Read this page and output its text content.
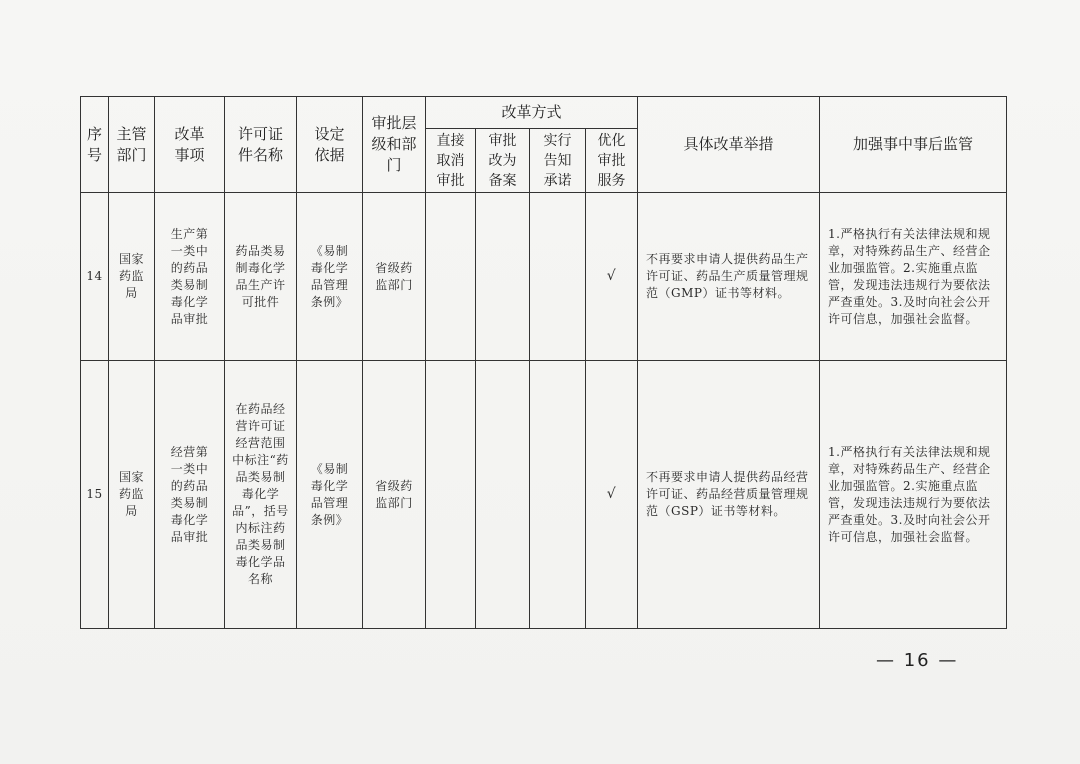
序号	主管部门	改革事项	许可证件名称	设定依据	审批层级和部门	改革方式				具体改革举措	加强事中事后监管
						直接取消审批	审批改为备案	实行告知承诺	优化审批服务		
14	国家药监局	生产第一类中的药品类易制毒化学品审批	药品类易制毒化学品生产许可批件	《易制毒化学品管理条例》	省级药监部门				√	不再要求申请人提供药品生产许可证、药品生产质量管理规范（GMP）证书等材料。	1.严格执行有关法律法规和规章，对特殊药品生产、经营企业加强监管。2.实施重点监管，发现违法违规行为要依法严查重处。3.及时向社会公开许可信息，加强社会监督。
15	国家药监局	经营第一类中的药品类易制毒化学品审批	在药品经营许可证经营范围中标注“药品类易制毒化学品”，括号内标注药品类易制毒化学品名称	《易制毒化学品管理条例》	省级药监部门				√	不再要求申请人提供药品经营许可证、药品经营质量管理规范（GSP）证书等材料。	1.严格执行有关法律法规和规章，对特殊药品生产、经营企业加强监管。2.实施重点监管，发现违法违规行为要依法严查重处。3.及时向社会公开许可信息，加强社会监督。
— 16 —
